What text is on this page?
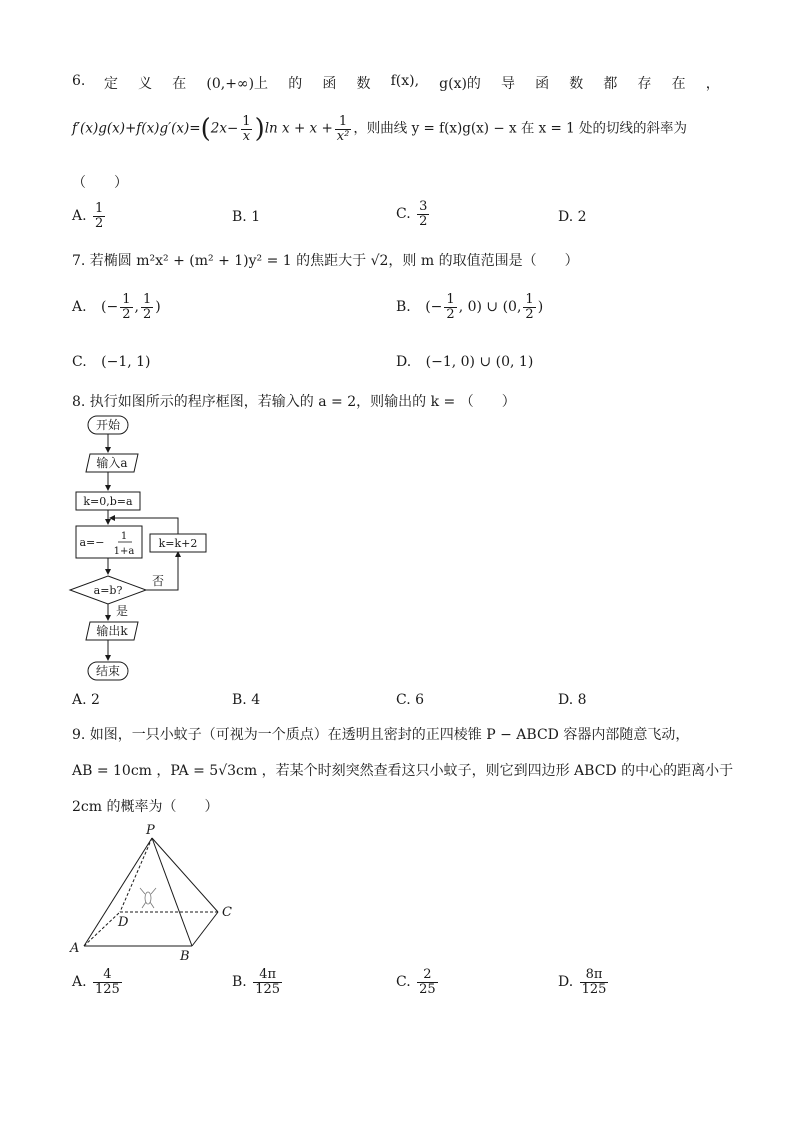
6. 定 义 在 (0,+∞)上 的 函 数 f(x), g(x)的 导 函 数 都 存 在 ，
$f'(x)g(x)+f(x)g'(x)=(2x- \frac{1}{x} )\ln$ $x + x + \frac{1}{\text{x²}}$ ，则曲线 y = f(x)g(x) − x 在 x = 1 处的切线的斜率为
（　　）
A. $\frac{1}{2}$	B. 1	C. $\frac{3}{2}$	D. 2
7. 若椭圆 m²x² + (m² + 1)y² = 1 的焦距大于 √2，则 m 的取值范围是（　　）
A. (− $\frac{1}{2}$ , $\frac{1}{2}$ )	B. (− $\frac{1}{2}$ , 0) ∪ (0, $\frac{1}{2}$ )
C. (−1, 1)	D. (−1, 0) ∪ (0, 1)
8. 执行如图所示的程序框图，若输入的 a = 2，则输出的 k = （　　）
开始
输入a
k=0,b=a
a=− 1
1+a
k=k+2
a=b?
否
是
输出k
结束
A. 2	B. 4	C. 6	D. 8
9. 如图，一只小蚊子（可视为一个质点）在透明且密封的正四棱锥 P − ABCD 容器内部随意飞动，
AB = 10cm ，PA = 5√3cm ，若某个时刻突然查看这只小蚊子，则它到四边形 ABCD 的中心的距离小于
2cm 的概率为（　　）
P
A
B
C
D
A. $\frac{4}{125}$	B. $\frac{4\pi}{125}$	C. $\frac{2}{25}$	D. $\frac{8\pi}{125}$
